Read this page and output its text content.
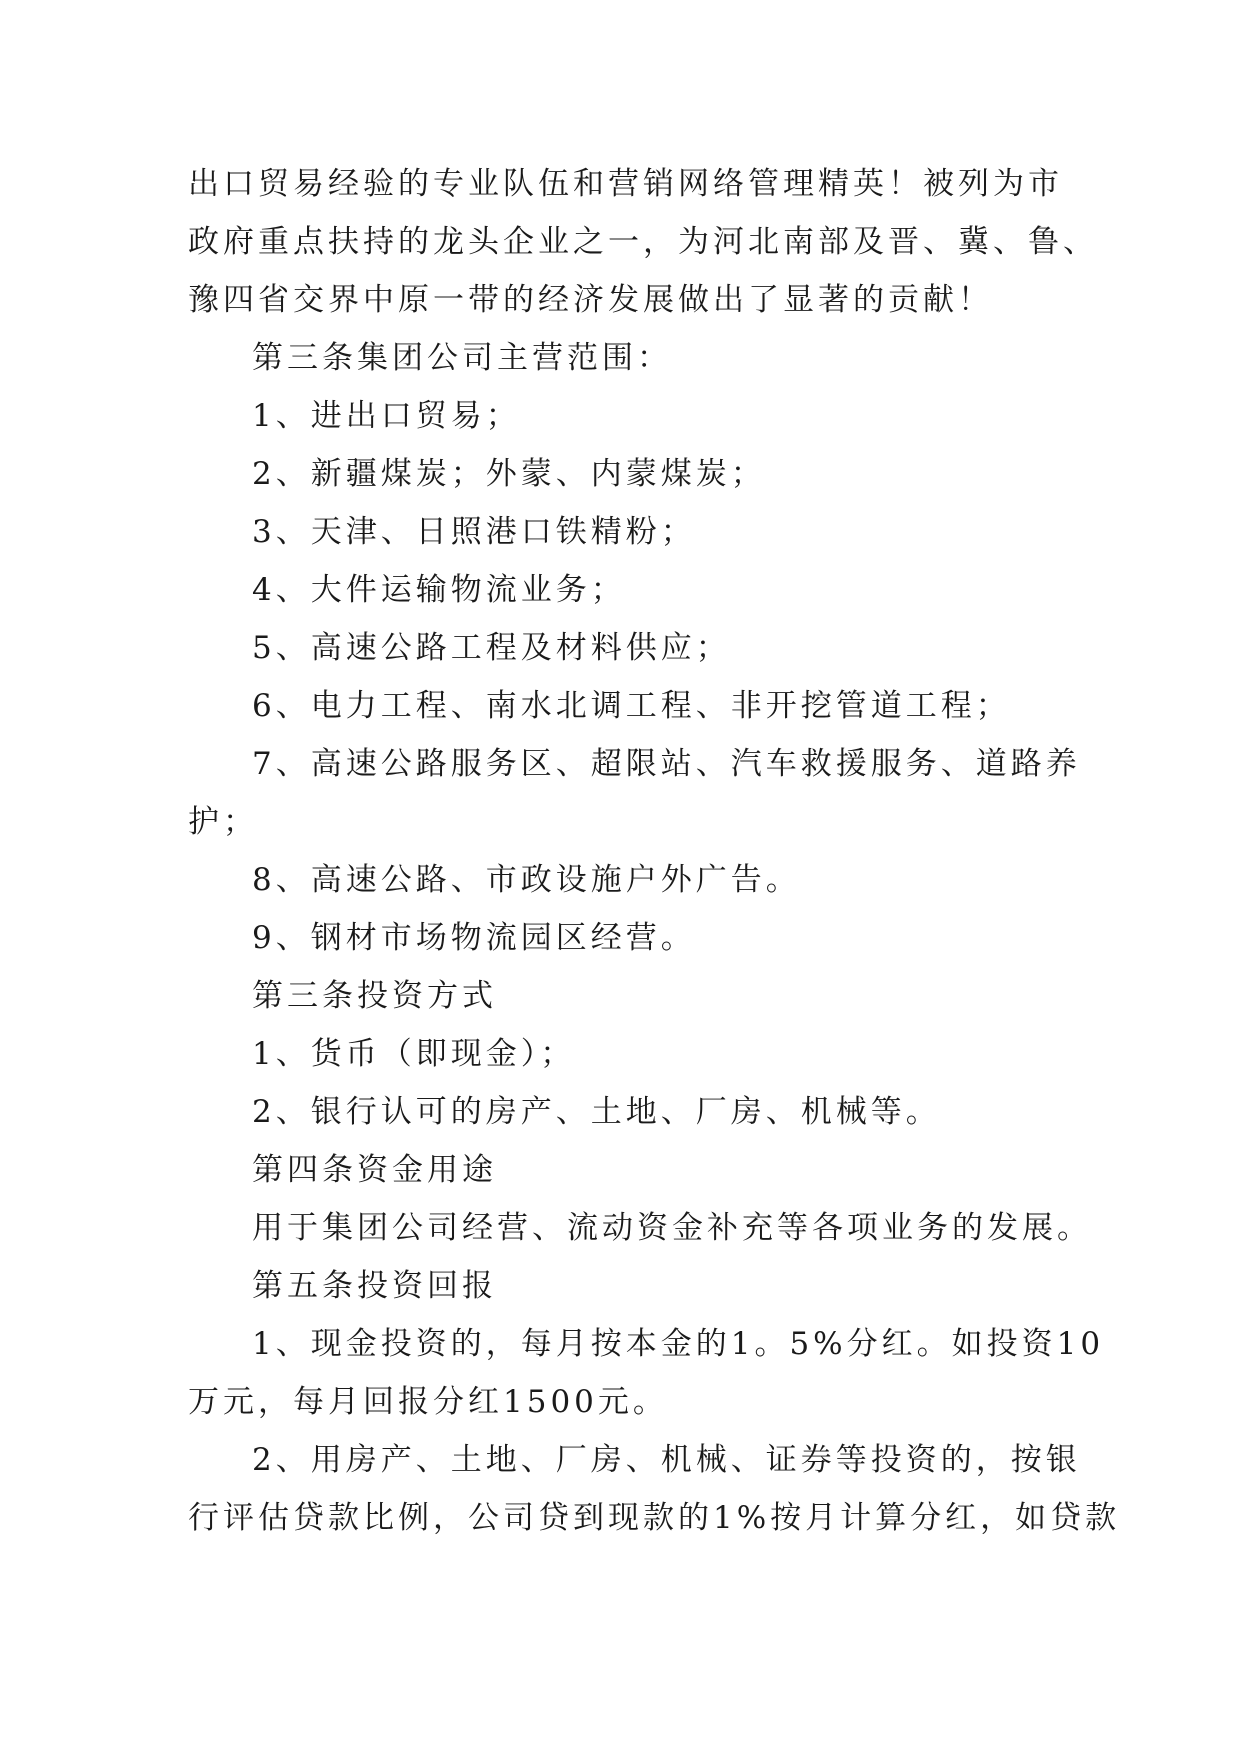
出口贸易经验的专业队伍和营销网络管理精英！被列为市
政府重点扶持的龙头企业之一，为河北南部及晋、冀、鲁、
豫四省交界中原一带的经济发展做出了显著的贡献！
第三条集团公司主营范围：
1、进出口贸易；
2、新疆煤炭；外蒙、内蒙煤炭；
3、天津、日照港口铁精粉；
4、大件运输物流业务；
5、高速公路工程及材料供应；
6、电力工程、南水北调工程、非开挖管道工程；
7、高速公路服务区、超限站、汽车救援服务、道路养
护；
8、高速公路、市政设施户外广告。
9、钢材市场物流园区经营。
第三条投资方式
1、货币（即现金）；
2、银行认可的房产、土地、厂房、机械等。
第四条资金用途
用于集团公司经营、流动资金补充等各项业务的发展。
第五条投资回报
1、现金投资的，每月按本金的1。5%分红。如投资10
万元，每月回报分红1500元。
2、用房产、土地、厂房、机械、证券等投资的，按银
行评估贷款比例，公司贷到现款的1%按月计算分红，如贷款
